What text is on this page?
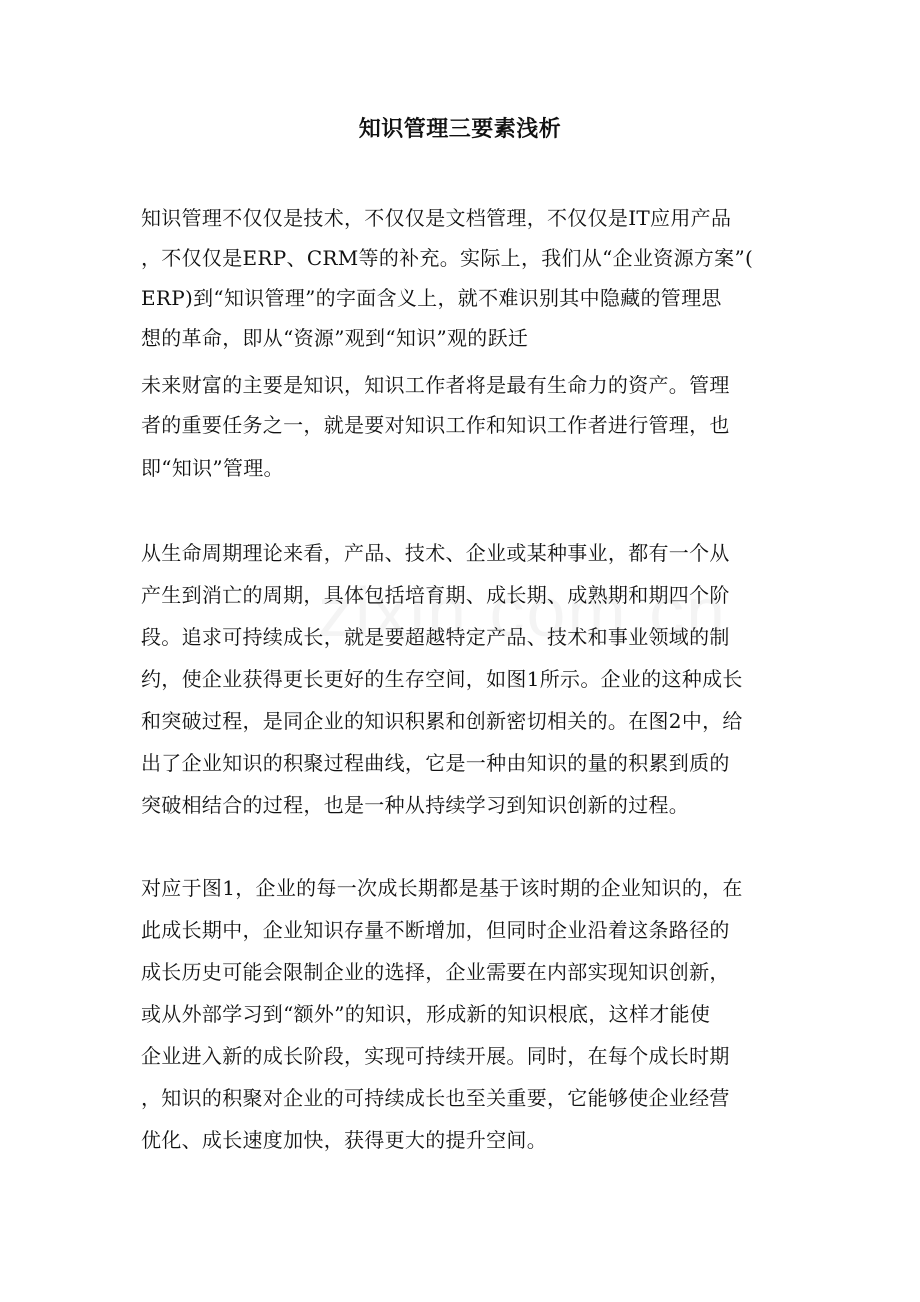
知识管理三要素浅析
知识管理不仅仅是技术，不仅仅是文档管理，不仅仅是IT应用产品
，不仅仅是ERP、CRM等的补充。实际上，我们从“企业资源方案”(
ERP)到“知识管理”的字面含义上，就不难识别其中隐藏的管理思
想的革命，即从“资源”观到“知识”观的跃迁
未来财富的主要是知识，知识工作者将是最有生命力的资产。管理
者的重要任务之一，就是要对知识工作和知识工作者进行管理，也
即“知识”管理。
从生命周期理论来看，产品、技术、企业或某种事业，都有一个从
产生到消亡的周期，具体包括培育期、成长期、成熟期和期四个阶
段。追求可持续成长，就是要超越特定产品、技术和事业领域的制
约，使企业获得更长更好的生存空间，如图1所示。企业的这种成长
和突破过程，是同企业的知识积累和创新密切相关的。在图2中，给
出了企业知识的积聚过程曲线，它是一种由知识的量的积累到质的
突破相结合的过程，也是一种从持续学习到知识创新的过程。
对应于图1，企业的每一次成长期都是基于该时期的企业知识的，在
此成长期中，企业知识存量不断增加，但同时企业沿着这条路径的
成长历史可能会限制企业的选择，企业需要在内部实现知识创新，
或从外部学习到“额外”的知识，形成新的知识根底，这样才能使
企业进入新的成长阶段，实现可持续开展。同时，在每个成长时期
，知识的积聚对企业的可持续成长也至关重要，它能够使企业经营
优化、成长速度加快，获得更大的提升空间。
